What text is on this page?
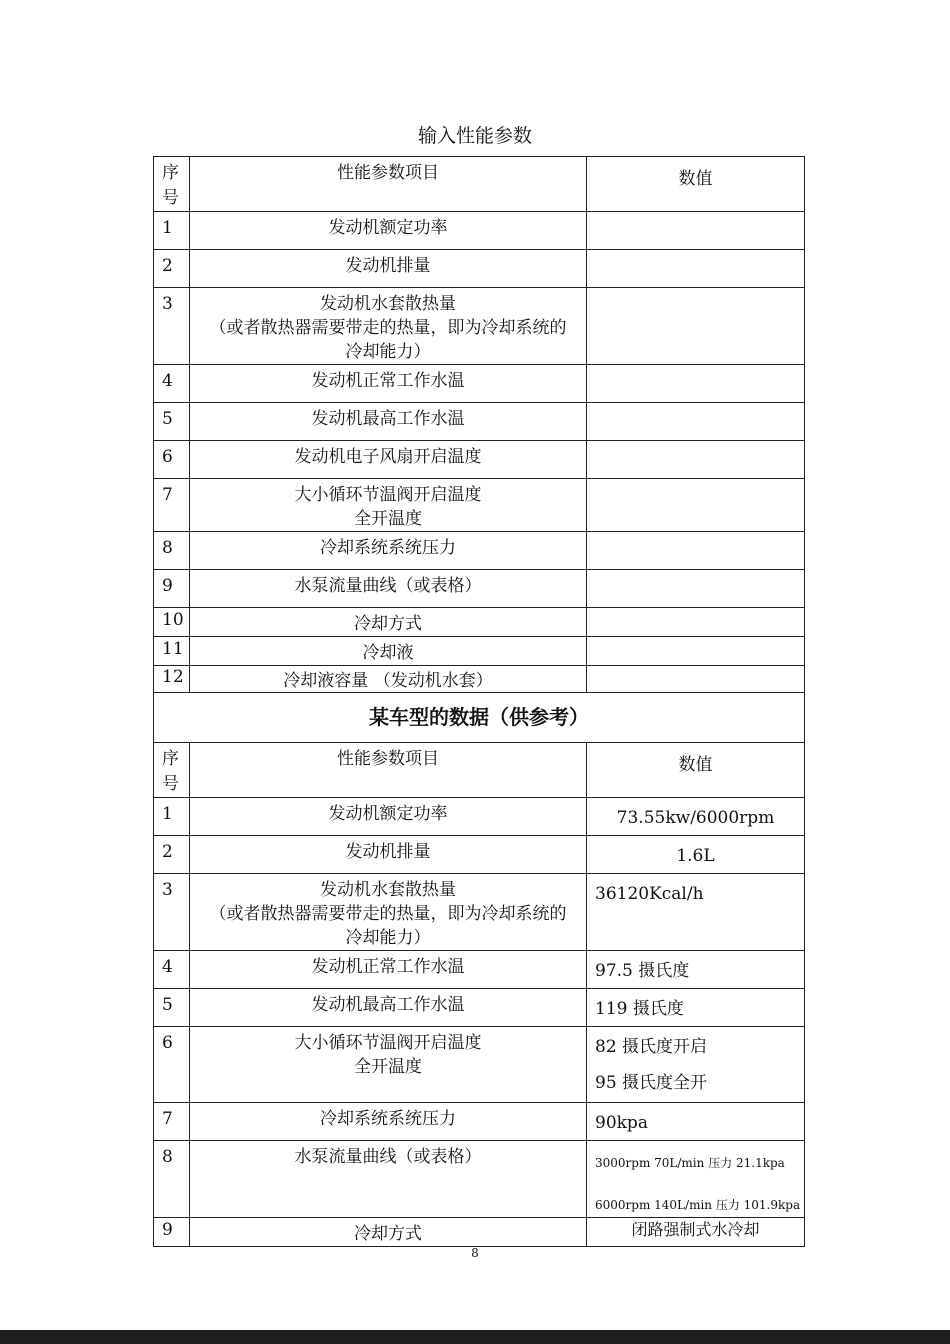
输入性能参数
序号	性能参数项目	数值
1	发动机额定功率	
2	发动机排量	
3	发动机水套散热量
（或者散热器需要带走的热量，即为冷却系统的
冷却能力）	

4	发动机正常工作水温	
5	发动机最高工作水温	
6	发动机电子风扇开启温度	
7	大小循环节温阀开启温度
全开温度	

8	冷却系统系统压力	
9	水泵流量曲线（或表格）	
10	冷却方式	
11	冷却液	
12	冷却液容量 （发动机水套）	
某车型的数据（供参考）		
序号	性能参数项目	数值
1	发动机额定功率	73.55kw/6000rpm
2	发动机排量	1.6L
3	发动机水套散热量
（或者散热器需要带走的热量，即为冷却系统的
冷却能力）	36120Kcal/h
4	发动机正常工作水温	97.5 摄氏度
5	发动机最高工作水温	119 摄氏度
6	大小循环节温阀开启温度
全开温度	82 摄氏度开启
95 摄氏度全开

7	冷却系统系统压力	90kpa
8	水泵流量曲线（或表格）	3000rpm 70L/min 压力 21.1kpa
6000rpm 140L/min 压力 101.9kpa

9	冷却方式	闭路强制式水冷却
8
